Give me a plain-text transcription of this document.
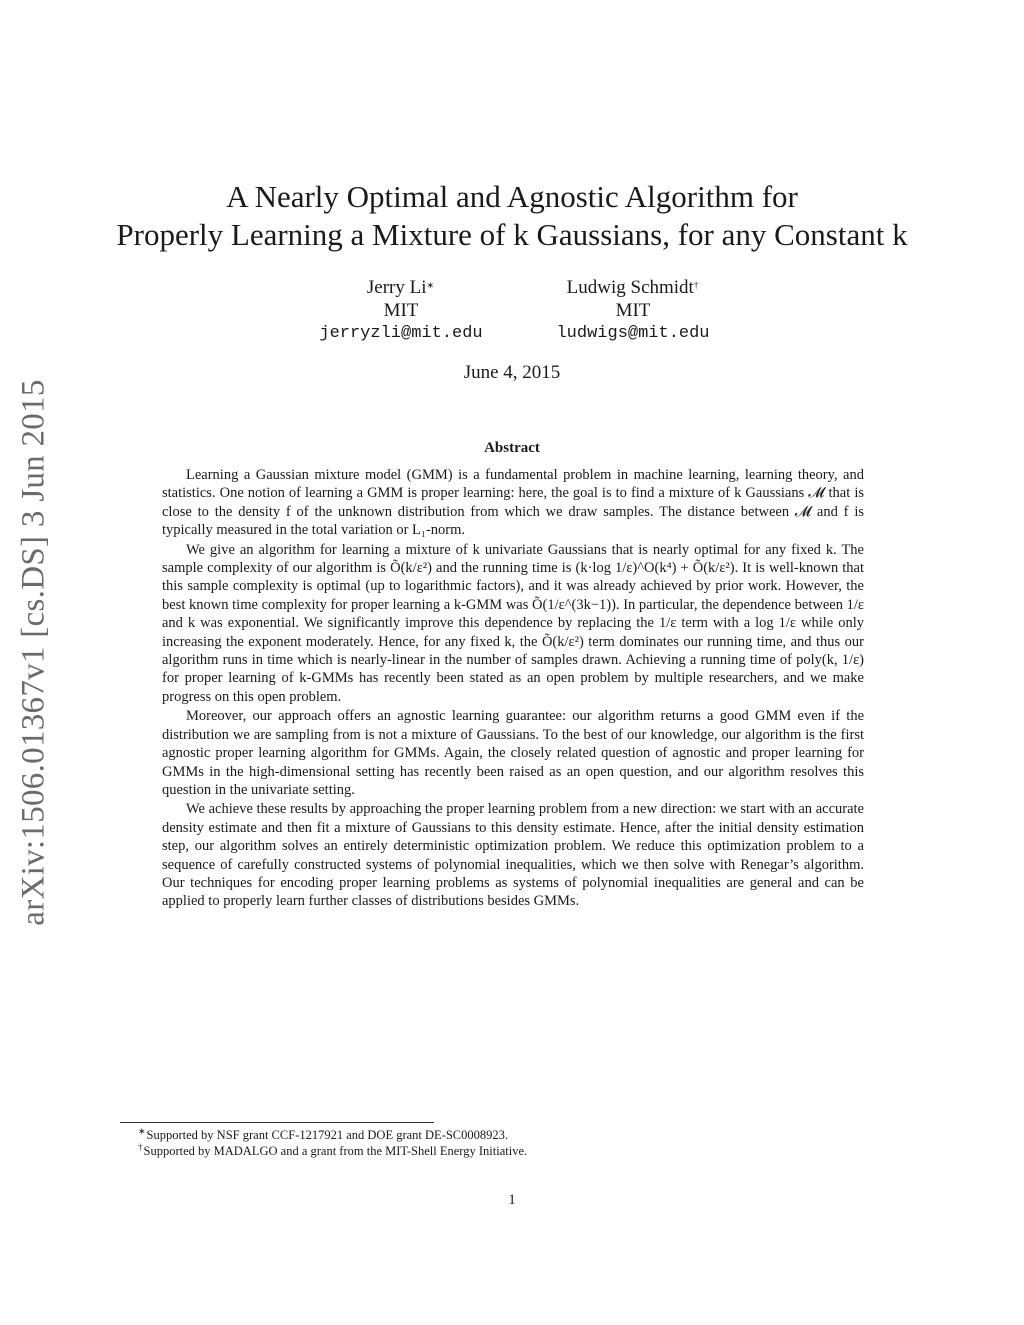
arXiv:1506.01367v1 [cs.DS] 3 Jun 2015
A Nearly Optimal and Agnostic Algorithm for
Properly Learning a Mixture of k Gaussians, for any Constant k
Jerry Li∗
MIT
jerryzli@mit.edu
Ludwig Schmidt†
MIT
ludwigs@mit.edu
June 4, 2015
Abstract

Learning a Gaussian mixture model (GMM) is a fundamental problem in machine learning, learning theory, and statistics. One notion of learning a GMM is proper learning: here, the goal is to find a mixture of k Gaussians 𝓜 that is close to the density f of the unknown distribution from which we draw samples. The distance between 𝓜 and f is typically measured in the total variation or L₁-norm.

We give an algorithm for learning a mixture of k univariate Gaussians that is nearly optimal for any fixed k. The sample complexity of our algorithm is Õ(k/ε²) and the running time is (k·log 1/ε)^O(k⁴) + Õ(k/ε²). It is well-known that this sample complexity is optimal (up to logarithmic factors), and it was already achieved by prior work. However, the best known time complexity for proper learning a k-GMM was Õ(1/ε^(3k−1)). In particular, the dependence between 1/ε and k was exponential. We significantly improve this dependence by replacing the 1/ε term with a log 1/ε while only increasing the exponent moderately. Hence, for any fixed k, the Õ(k/ε²) term dominates our running time, and thus our algorithm runs in time which is nearly-linear in the number of samples drawn. Achieving a running time of poly(k, 1/ε) for proper learning of k-GMMs has recently been stated as an open problem by multiple researchers, and we make progress on this open problem.

Moreover, our approach offers an agnostic learning guarantee: our algorithm returns a good GMM even if the distribution we are sampling from is not a mixture of Gaussians. To the best of our knowledge, our algorithm is the first agnostic proper learning algorithm for GMMs. Again, the closely related question of agnostic and proper learning for GMMs in the high-dimensional setting has recently been raised as an open question, and our algorithm resolves this question in the univariate setting.

We achieve these results by approaching the proper learning problem from a new direction: we start with an accurate density estimate and then fit a mixture of Gaussians to this density estimate. Hence, after the initial density estimation step, our algorithm solves an entirely deterministic optimization problem. We reduce this optimization problem to a sequence of carefully constructed systems of polynomial inequalities, which we then solve with Renegar’s algorithm. Our techniques for encoding proper learning problems as systems of polynomial inequalities are general and can be applied to properly learn further classes of distributions besides GMMs.

∗Supported by NSF grant CCF-1217921 and DOE grant DE-SC0008923.
†Supported by MADALGO and a grant from the MIT-Shell Energy Initiative.
1
